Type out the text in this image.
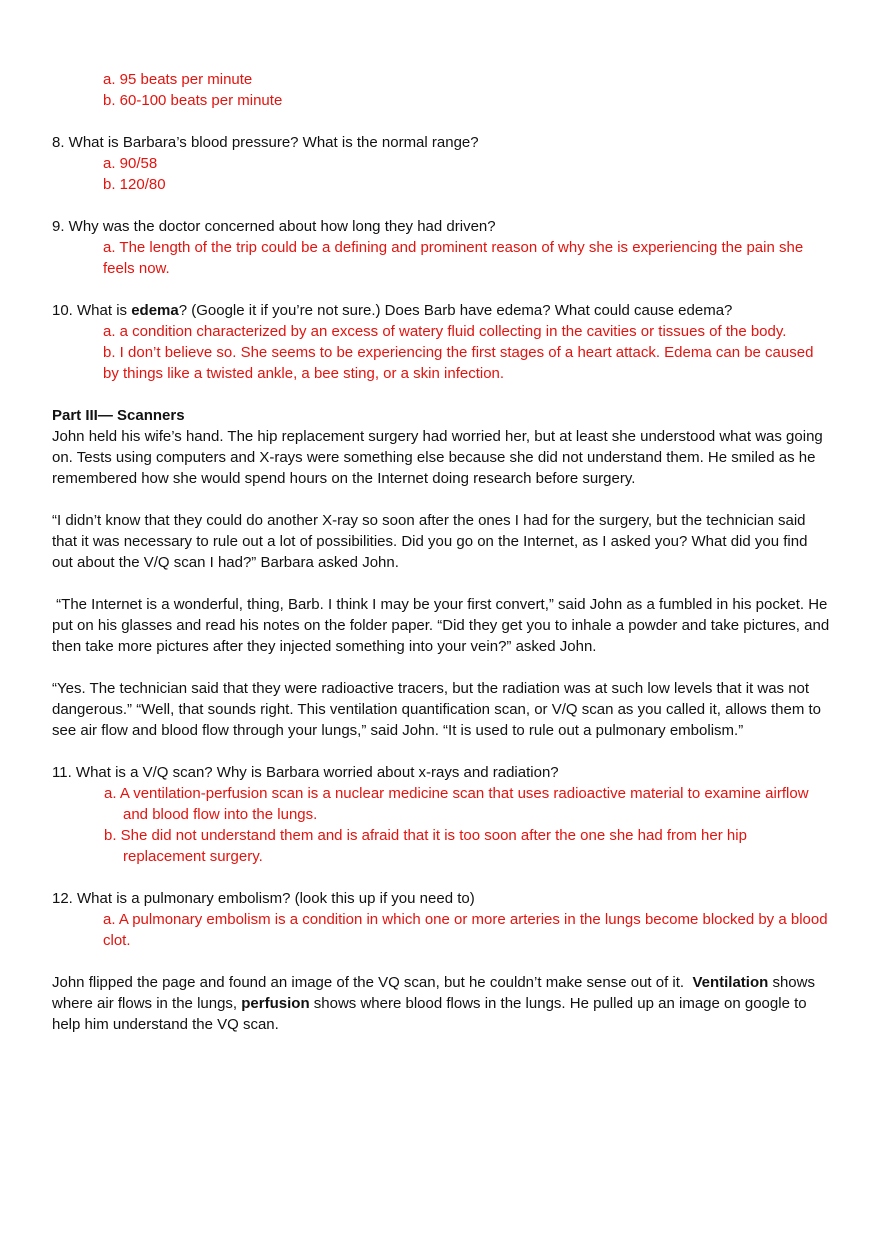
a. 95 beats per minute

b. 60-100 beats per minute

8. What is Barbara’s blood pressure? What is the normal range?

a. 90/58

b. 120/80

9. Why was the doctor concerned about how long they had driven?

a. The length of the trip could be a defining and prominent reason of why she is experiencing the pain she feels now.

10. What is edema? (Google it if you’re not sure.) Does Barb have edema? What could cause edema?

a. a condition characterized by an excess of watery fluid collecting in the cavities or tissues of the body.

b. I don’t believe so. She seems to be experiencing the first stages of a heart attack. Edema can be caused by things like a twisted ankle, a bee sting, or a skin infection.

Part III— Scanners

John held his wife’s hand. The hip replacement surgery had worried her, but at least she understood what was going on. Tests using computers and X-rays were something else because she did not understand them. He smiled as he remembered how she would spend hours on the Internet doing research before surgery.

“I didn’t know that they could do another X-ray so soon after the ones I had for the surgery, but the technician said that it was necessary to rule out a lot of possibilities. Did you go on the Internet, as I asked you? What did you find out about the V/Q scan I had?” Barbara asked John.

“The Internet is a wonderful, thing, Barb. I think I may be your first convert,” said John as a fumbled in his pocket. He put on his glasses and read his notes on the folder paper. “Did they get you to inhale a powder and take pictures, and then take more pictures after they injected something into your vein?” asked John.

“Yes. The technician said that they were radioactive tracers, but the radiation was at such low levels that it was not dangerous.” “Well, that sounds right. This ventilation quantification scan, or V/Q scan as you called it, allows them to see air flow and blood flow through your lungs,” said John. “It is used to rule out a pulmonary embolism.”

11. What is a V/Q scan? Why is Barbara worried about x-rays and radiation?

a. A ventilation-perfusion scan is a nuclear medicine scan that uses radioactive material to examine airflow and blood flow into the lungs.

b. She did not understand them and is afraid that it is too soon after the one she had from her hip replacement surgery.

12. What is a pulmonary embolism? (look this up if you need to)

a. A pulmonary embolism is a condition in which one or more arteries in the lungs become blocked by a blood clot.

John flipped the page and found an image of the VQ scan, but he couldn’t make sense out of it.  Ventilation shows where air flows in the lungs, perfusion shows where blood flows in the lungs. He pulled up an image on google to help him understand the VQ scan.
